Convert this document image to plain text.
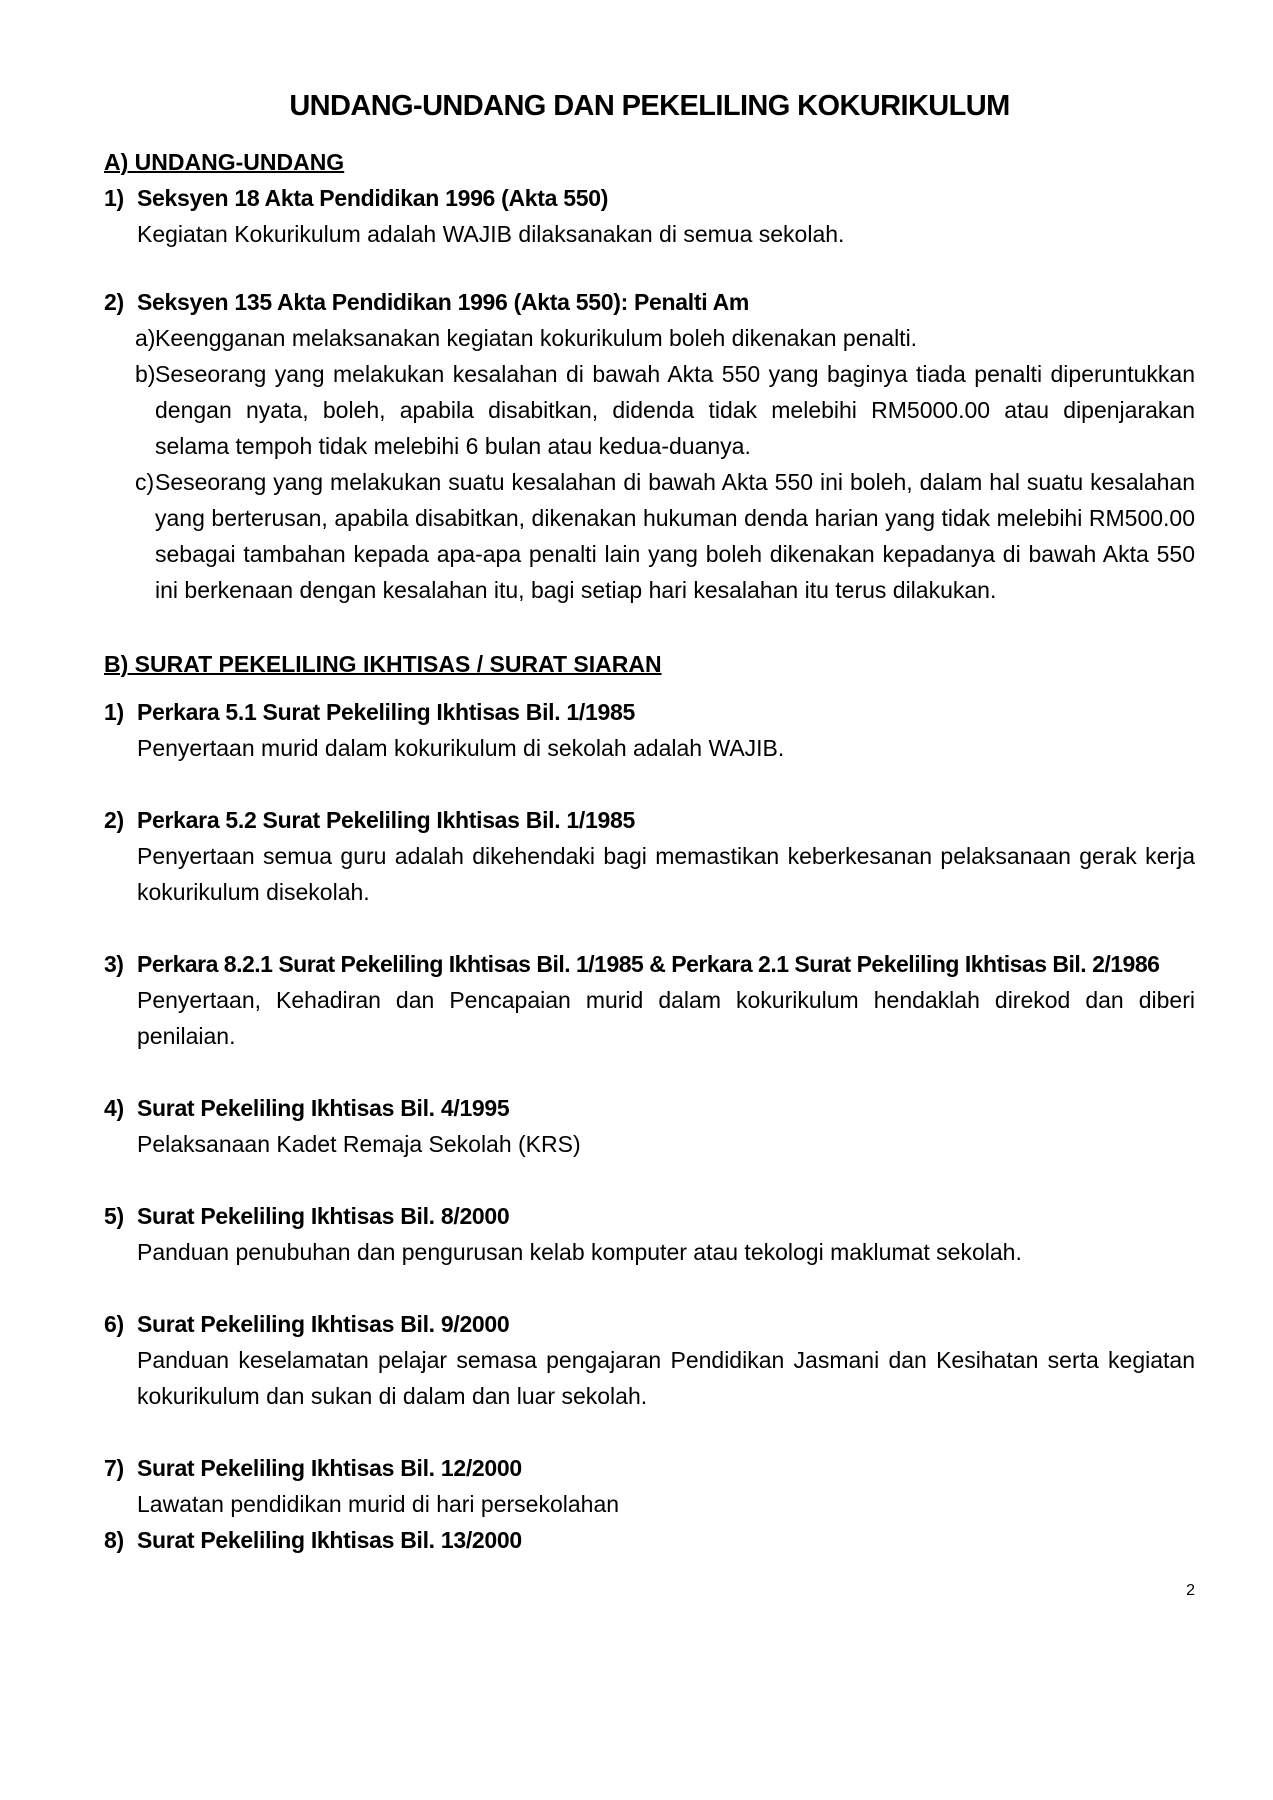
UNDANG-UNDANG DAN PEKELILING KOKURIKULUM
A) UNDANG-UNDANG

1) Seksyen 18 Akta Pendidikan 1996 (Akta 550)

Kegiatan Kokurikulum adalah WAJIB dilaksanakan di semua sekolah.

2) Seksyen 135 Akta Pendidikan 1996 (Akta 550): Penalti Am

a)Keengganan melaksanakan kegiatan kokurikulum boleh dikenakan penalti.

b)Seseorang yang melakukan kesalahan di bawah Akta 550 yang baginya tiada penalti diperuntukkan dengan nyata, boleh, apabila disabitkan, didenda tidak melebihi RM5000.00 atau dipenjarakan selama tempoh tidak melebihi 6 bulan atau kedua-duanya.

c)Seseorang yang melakukan suatu kesalahan di bawah Akta 550 ini boleh, dalam hal suatu kesalahan yang berterusan, apabila disabitkan, dikenakan hukuman denda harian yang tidak melebihi RM500.00 sebagai tambahan kepada apa-apa penalti lain yang boleh dikenakan kepadanya di bawah Akta 550 ini berkenaan dengan kesalahan itu, bagi setiap hari kesalahan itu terus dilakukan.

B) SURAT PEKELILING IKHTISAS / SURAT SIARAN

1) Perkara 5.1 Surat Pekeliling Ikhtisas Bil. 1/1985

Penyertaan murid dalam kokurikulum di sekolah adalah WAJIB.

2) Perkara 5.2 Surat Pekeliling Ikhtisas Bil. 1/1985

Penyertaan semua guru adalah dikehendaki bagi memastikan keberkesanan pelaksanaan gerak kerja kokurikulum disekolah.

3) Perkara 8.2.1 Surat Pekeliling Ikhtisas Bil. 1/1985 & Perkara 2.1 Surat Pekeliling Ikhtisas Bil. 2/1986

Penyertaan, Kehadiran dan Pencapaian murid dalam kokurikulum hendaklah direkod dan diberi penilaian.

4) Surat Pekeliling Ikhtisas Bil. 4/1995

Pelaksanaan Kadet Remaja Sekolah (KRS)

5) Surat Pekeliling Ikhtisas Bil. 8/2000

Panduan penubuhan dan pengurusan kelab komputer atau tekologi maklumat sekolah.

6) Surat Pekeliling Ikhtisas Bil. 9/2000

Panduan keselamatan pelajar semasa pengajaran Pendidikan Jasmani dan Kesihatan serta kegiatan kokurikulum dan sukan di dalam dan luar sekolah.

7) Surat Pekeliling Ikhtisas Bil. 12/2000

Lawatan pendidikan murid di hari persekolahan

8) Surat Pekeliling Ikhtisas Bil. 13/2000

2
